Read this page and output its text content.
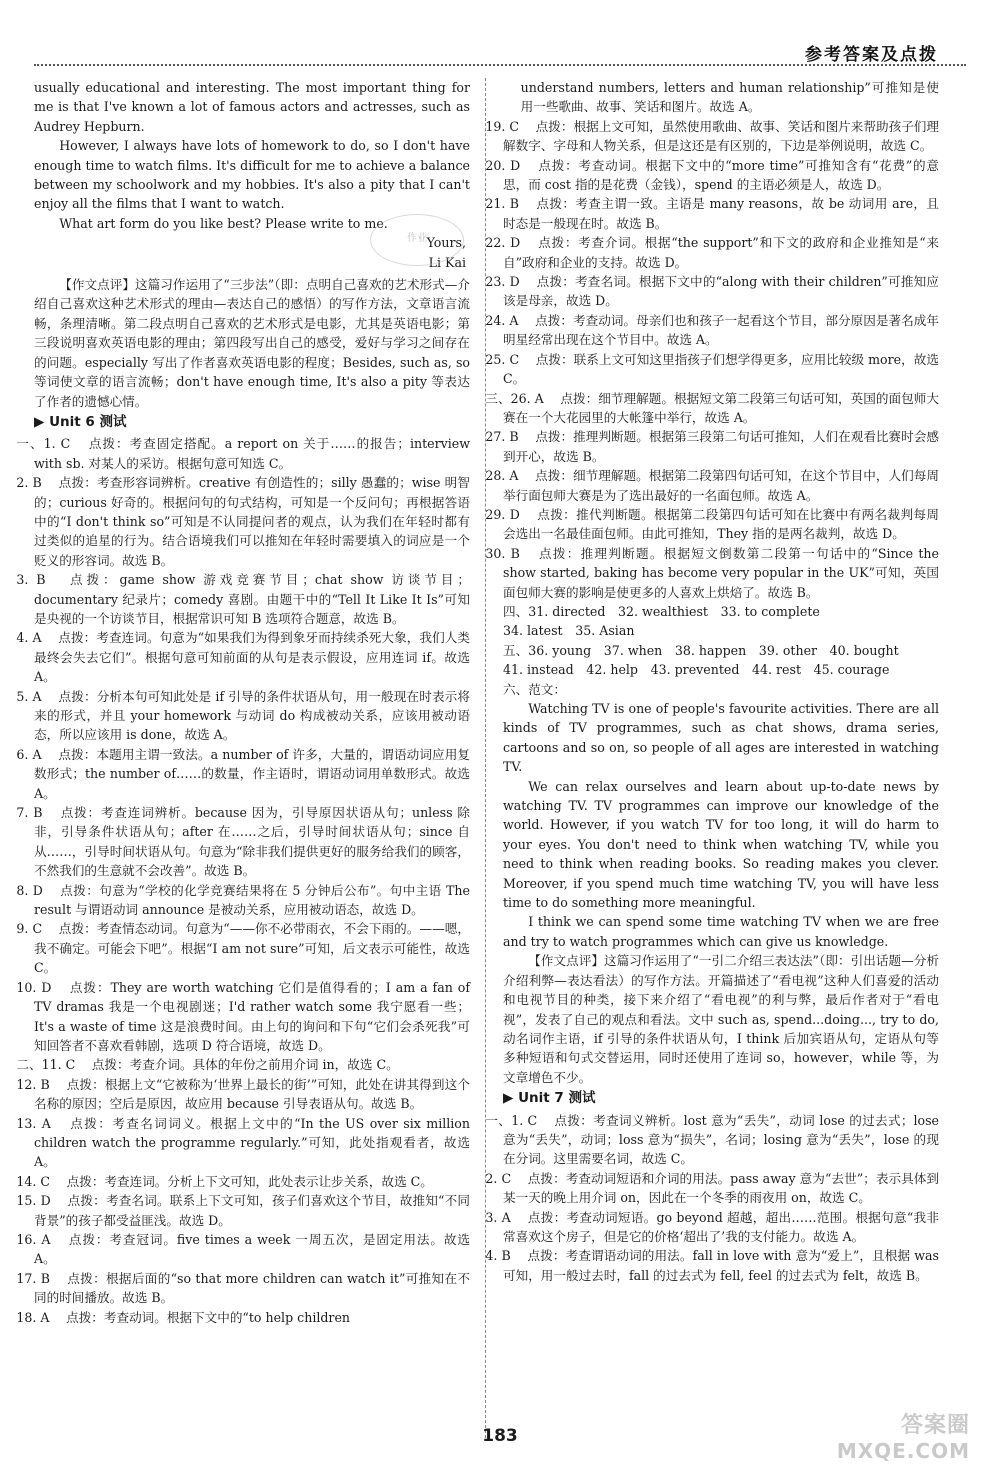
参考答案及点拨

usually educational and interesting. The most important thing for me is that I've known a lot of famous actors and actresses, such as Audrey Hepburn.

However, I always have lots of homework to do, so I don't have enough time to watch films. It's difficult for me to achieve a balance between my schoolwork and my hobbies. It's also a pity that I can't enjoy all the films that I want to watch.

What art form do you like best? Please write to me.

Yours,

Li Kai

【作文点评】这篇习作运用了“三步法”（即：点明自己喜欢的艺术形式—介绍自己喜欢这种艺术形式的理由—表达自己的感悟）的写作方法，文章语言流畅，条理清晰。第二段点明自己喜欢的艺术形式是电影，尤其是英语电影；第三段说明喜欢英语电影的理由；第四段写出自己的感受，爱好与学习之间存在的问题。especially 写出了作者喜欢英语电影的程度；Besides, such as, so 等词使文章的语言流畅；don't have enough time, It's also a pity 等表达了作者的遗憾心情。

▶ Unit 6 测试

一、1. C 　点拨：考查固定搭配。a report on 关于……的报告；interview with sb. 对某人的采访。根据句意可知选 C。

2. B 　点拨：考查形容词辨析。creative 有创造性的；silly 愚蠢的；wise 明智的；curious 好奇的。根据问句的句式结构，可知是一个反问句；再根据答语中的“I don't think so”可知是不认同提问者的观点，认为我们在年轻时都有过类似的追星的行为。结合语境我们可以推知在年轻时需要填入的词应是一个贬义的形容词。故选 B。

3. B 　点拨：game show 游戏竞赛节目；chat show 访谈节目；documentary 纪录片；comedy 喜剧。由题干中的“Tell It Like It Is”可知是央视的一个访谈节目，根据常识可知 B 选项符合题意，故选 B。

4. A 　点拨：考查连词。句意为“如果我们为得到象牙而持续杀死大象，我们人类最终会失去它们”。根据句意可知前面的从句是表示假设，应用连词 if。故选 A。

5. A 　点拨：分析本句可知此处是 if 引导的条件状语从句，用一般现在时表示将来的形式，并且 your homework 与动词 do 构成被动关系，应该用被动语态，所以应该用 is done，故选 A。

6. A 　点拨：本题用主谓一致法。a number of 许多，大量的，谓语动词应用复数形式；the number of……的数量，作主语时，谓语动词用单数形式。故选 A。

7. B 　点拨：考查连词辨析。because 因为，引导原因状语从句；unless 除非，引导条件状语从句；after 在……之后，引导时间状语从句；since 自从……，引导时间状语从句。句意为“除非我们提供更好的服务给我们的顾客，不然我们的生意就不会改善”。故选 B。

8. D 　点拨：句意为“学校的化学竞赛结果将在 5 分钟后公布”。句中主语 The result 与谓语动词 announce 是被动关系，应用被动语态，故选 D。

9. C 　点拨：考查情态动词。句意为“——你不必带雨衣，不会下雨的。——嗯，我不确定。可能会下吧”。根据“I am not sure”可知，后文表示可能性，故选 C。

10. D 　点拨：They are worth watching 它们是值得看的；I am a fan of TV dramas 我是一个电视剧迷；I'd rather watch some 我宁愿看一些；It's a waste of time 这是浪费时间。由上句的询问和下句“它们会杀死我”可知回答者不喜欢看韩剧，选项 D 符合语境，故选 D。

二、11. C 　点拨：考查介词。具体的年份之前用介词 in，故选 C。

12. B 　点拨：根据上文“它被称为‘世界上最长的街’”可知，此处在讲其得到这个名称的原因；空后是原因，故应用 because 引导表语从句。故选 B。

13. A 　点拨：考查名词词义。根据上文中的“In the US over six million children watch the programme regularly.”可知，此处指观看者，故选 A。

14. C 　点拨：考查连词。分析上下文可知，此处表示让步关系，故选 C。

15. D 　点拨：考查名词。联系上下文可知，孩子们喜欢这个节目，故推知“不同背景”的孩子都受益匪浅。故选 D。

16. A 　点拨：考查冠词。five times a week 一周五次，是固定用法。故选 A。

17. B 　点拨：根据后面的“so that more children can watch it”可推知在不同的时间播放。故选 B。

18. A 　点拨：考查动词。根据下文中的“to help children

作业

understand numbers, letters and human relationship”可推知是使用一些歌曲、故事、笑话和图片。故选 A。

19. C 　点拨：根据上文可知，虽然使用歌曲、故事、笑话和图片来帮助孩子们理解数字、字母和人物关系，但是这还是有区别的，下边是举例说明，故选 C。

20. D 　点拨：考查动词。根据下文中的“more time”可推知含有“花费”的意思，而 cost 指的是花费（金钱），spend 的主语必须是人，故选 D。

21. B 　点拨：考查主谓一致。主语是 many reasons，故 be 动词用 are，且时态是一般现在时。故选 B。

22. D 　点拨：考查介词。根据“the support”和下文的政府和企业推知是“来自”政府和企业的支持。故选 D。

23. D 　点拨：考查名词。根据下文中的“along with their children”可推知应该是母亲，故选 D。

24. A 　点拨：考查动词。母亲们也和孩子一起看这个节目，部分原因是著名成年明星经常出现在这个节目中。故选 A。

25. C 　点拨：联系上文可知这里指孩子们想学得更多，应用比较级 more，故选 C。

三、26. A 　点拨：细节理解题。根据短文第二段第三句话可知，英国的面包师大赛在一个大花园里的大帐篷中举行，故选 A。

27. B 　点拨：推理判断题。根据第三段第二句话可推知，人们在观看比赛时会感到开心，故选 B。

28. A 　点拨：细节理解题。根据第二段第四句话可知，在这个节目中，人们每周举行面包师大赛是为了选出最好的一名面包师。故选 A。

29. D 　点拨：推代判断题。根据第二段第四句话可知在比赛中有两名裁判每周会选出一名最佳面包师。由此可推知，They 指的是两名裁判，故选 D。

30. B 　点拨：推理判断题。根据短文倒数第二段第一句话中的“Since the show started, baking has become very popular in the UK”可知，英国面包师大赛的影响是使更多的人喜欢上烘焙了。故选 B。

四、31. directed　32. wealthiest　33. to complete

34. latest　35. Asian

五、36. young　37. when　38. happen　39. other　40. bought

41. instead　42. help　43. prevented　44. rest　45. courage

六、范文：

Watching TV is one of people's favourite activities. There are all kinds of TV programmes, such as chat shows, drama series, cartoons and so on, so people of all ages are interested in watching TV.

We can relax ourselves and learn about up-to-date news by watching TV. TV programmes can improve our knowledge of the world. However, if you watch TV for too long, it will do harm to your eyes. You don't need to think when watching TV, while you need to think when reading books. So reading makes you clever. Moreover, if you spend much time watching TV, you will have less time to do something more meaningful.

I think we can spend some time watching TV when we are free and try to watch programmes which can give us knowledge.

【作文点评】这篇习作运用了“一引二介绍三表达法”（即：引出话题—分析介绍利弊—表达看法）的写作方法。开篇描述了“看电视”这种人们喜爱的活动和电视节目的种类，接下来介绍了“看电视”的利与弊，最后作者对于“看电视”，发表了自己的观点和看法。文中 such as, spend...doing..., try to do, 动名词作主语，if 引导的条件状语从句，I think 后加宾语从句，定语从句等多种短语和句式交替运用，同时还使用了连词 so，however，while 等，为文章增色不少。

▶ Unit 7 测试

一、1. C 　点拨：考查词义辨析。lost 意为“丢失”，动词 lose 的过去式；lose 意为“丢失”，动词；loss 意为“损失”，名词；losing 意为“丢失”，lose 的现在分词。这里需要名词，故选 C。

2. C 　点拨：考查动词短语和介词的用法。pass away 意为“去世”；表示具体到某一天的晚上用介词 on，因此在一个冬季的雨夜用 on，故选 C。

3. A 　点拨：考查动词短语。go beyond 超越，超出……范围。根据句意“我非常喜欢这个房子，但是它的价格‘超出了’我的支付能力。故选 A。

4. B 　点拨：考查谓语动词的用法。fall in love with 意为“爱上”，且根据 was 可知，用一般过去时，fall 的过去式为 fell, feel 的过去式为 felt，故选 B。

183	答案圈
MXQE.COM
